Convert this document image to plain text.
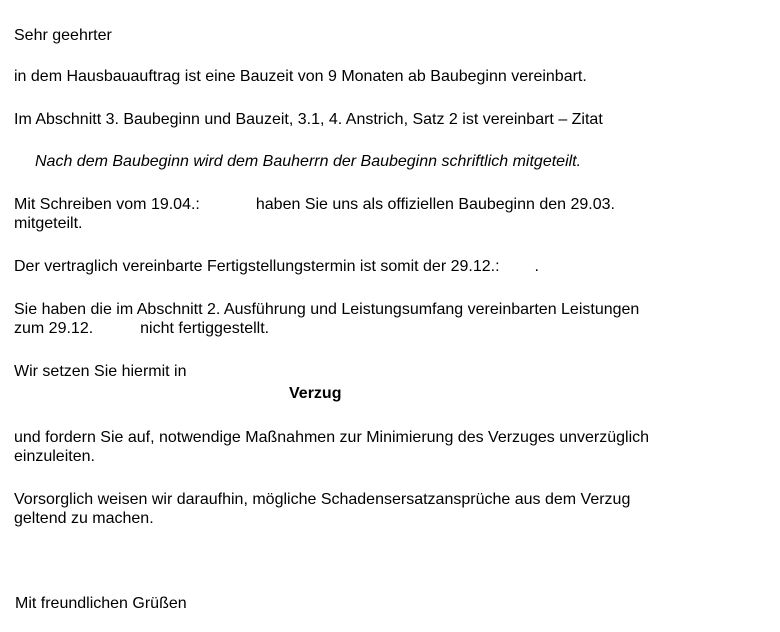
Sehr geehrter
in dem Hausbauauftrag ist eine Bauzeit von 9 Monaten ab Baubeginn vereinbart.
Im Abschnitt 3. Baubeginn und Bauzeit, 3.1, 4. Anstrich, Satz 2 ist vereinbart – Zitat
Nach dem Baubeginn wird dem Bauherrn der Baubeginn schriftlich mitgeteilt.
Mit Schreiben vom 19.04.:	haben Sie uns als offiziellen Baubeginn den 29.03.
mitgeteilt.
Der vertraglich vereinbarte Fertigstellungstermin ist somit der 29.12.: .
Sie haben die im Abschnitt 2. Ausführung und Leistungsumfang vereinbarten Leistungen
zum 29.12.	nicht fertiggestellt.
Wir setzen Sie hiermit in
Verzug
und fordern Sie auf, notwendige Maßnahmen zur Minimierung des Verzuges unverzüglich
einzuleiten.
Vorsorglich weisen wir daraufhin, mögliche Schadensersatzansprüche aus dem Verzug
geltend zu machen.
Mit freundlichen Grüßen
